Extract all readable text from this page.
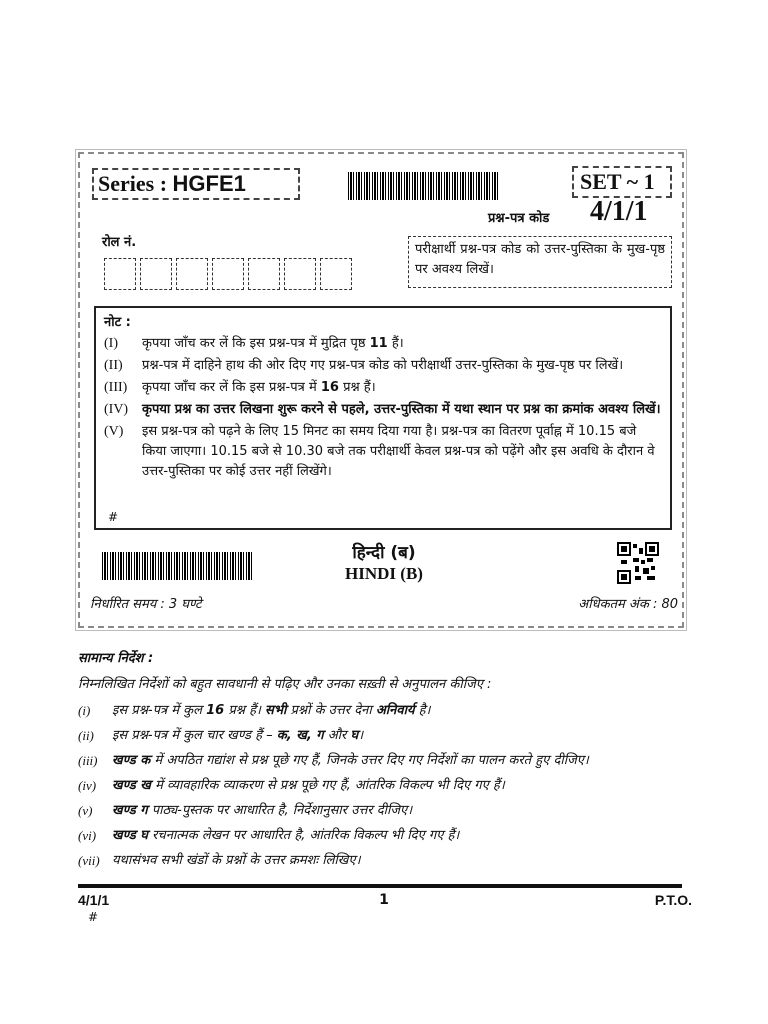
Series : HGFE1	SET ~ 1
प्रश्न-पत्र कोड 4/1/1
रोल नं.	परीक्षार्थी प्रश्न-पत्र कोड को उत्तर-पुस्तिका के मुख-पृष्ठ पर अवश्य लिखें।
नोट :
(I)	कृपया जाँच कर लें कि इस प्रश्न-पत्र में मुद्रित पृष्ठ 11 हैं।
(II)	प्रश्न-पत्र में दाहिने हाथ की ओर दिए गए प्रश्न-पत्र कोड को परीक्षार्थी उत्तर-पुस्तिका के मुख-पृष्ठ पर लिखें।
(III)	कृपया जाँच कर लें कि इस प्रश्न-पत्र में 16 प्रश्न हैं।
(IV)	कृपया प्रश्न का उत्तर लिखना शुरू करने से पहले, उत्तर-पुस्तिका में यथा स्थान पर प्रश्न का क्रमांक अवश्य लिखें।
(V)	इस प्रश्न-पत्र को पढ़ने के लिए 15 मिनट का समय दिया गया है। प्रश्न-पत्र का वितरण पूर्वाह्न में 10.15 बजे किया जाएगा। 10.15 बजे से 10.30 बजे तक परीक्षार्थी केवल प्रश्न-पत्र को पढ़ेंगे और इस अवधि के दौरान वे उत्तर-पुस्तिका पर कोई उत्तर नहीं लिखेंगे।
#
हिन्दी (ब)
HINDI (B)
निर्धारित समय : 3 घण्टे	अधिकतम अंक : 80
सामान्य निर्देश :
निम्नलिखित निर्देशों को बहुत सावधानी से पढ़िए और उनका सख़्ती से अनुपालन कीजिए :
(i)	इस प्रश्न-पत्र में कुल 16 प्रश्न हैं। सभी प्रश्नों के उत्तर देना अनिवार्य है।
(ii)	इस प्रश्न-पत्र में कुल चार खण्ड हैं – क, ख, ग और घ।
(iii)	खण्ड क में अपठित गद्यांश से प्रश्न पूछे गए हैं, जिनके उत्तर दिए गए निर्देशों का पालन करते हुए दीजिए।
(iv)	खण्ड ख में व्यावहारिक व्याकरण से प्रश्न पूछे गए हैं, आंतरिक विकल्प भी दिए गए हैं।
(v)	खण्ड ग पाठ्य-पुस्तक पर आधारित है, निर्देशानुसार उत्तर दीजिए।
(vi)	खण्ड घ रचनात्मक लेखन पर आधारित है, आंतरिक विकल्प भी दिए गए हैं।
(vii) यथासंभव सभी खंडों के प्रश्नों के उत्तर क्रमशः लिखिए।
4/1/1	1	P.T.O.
#
